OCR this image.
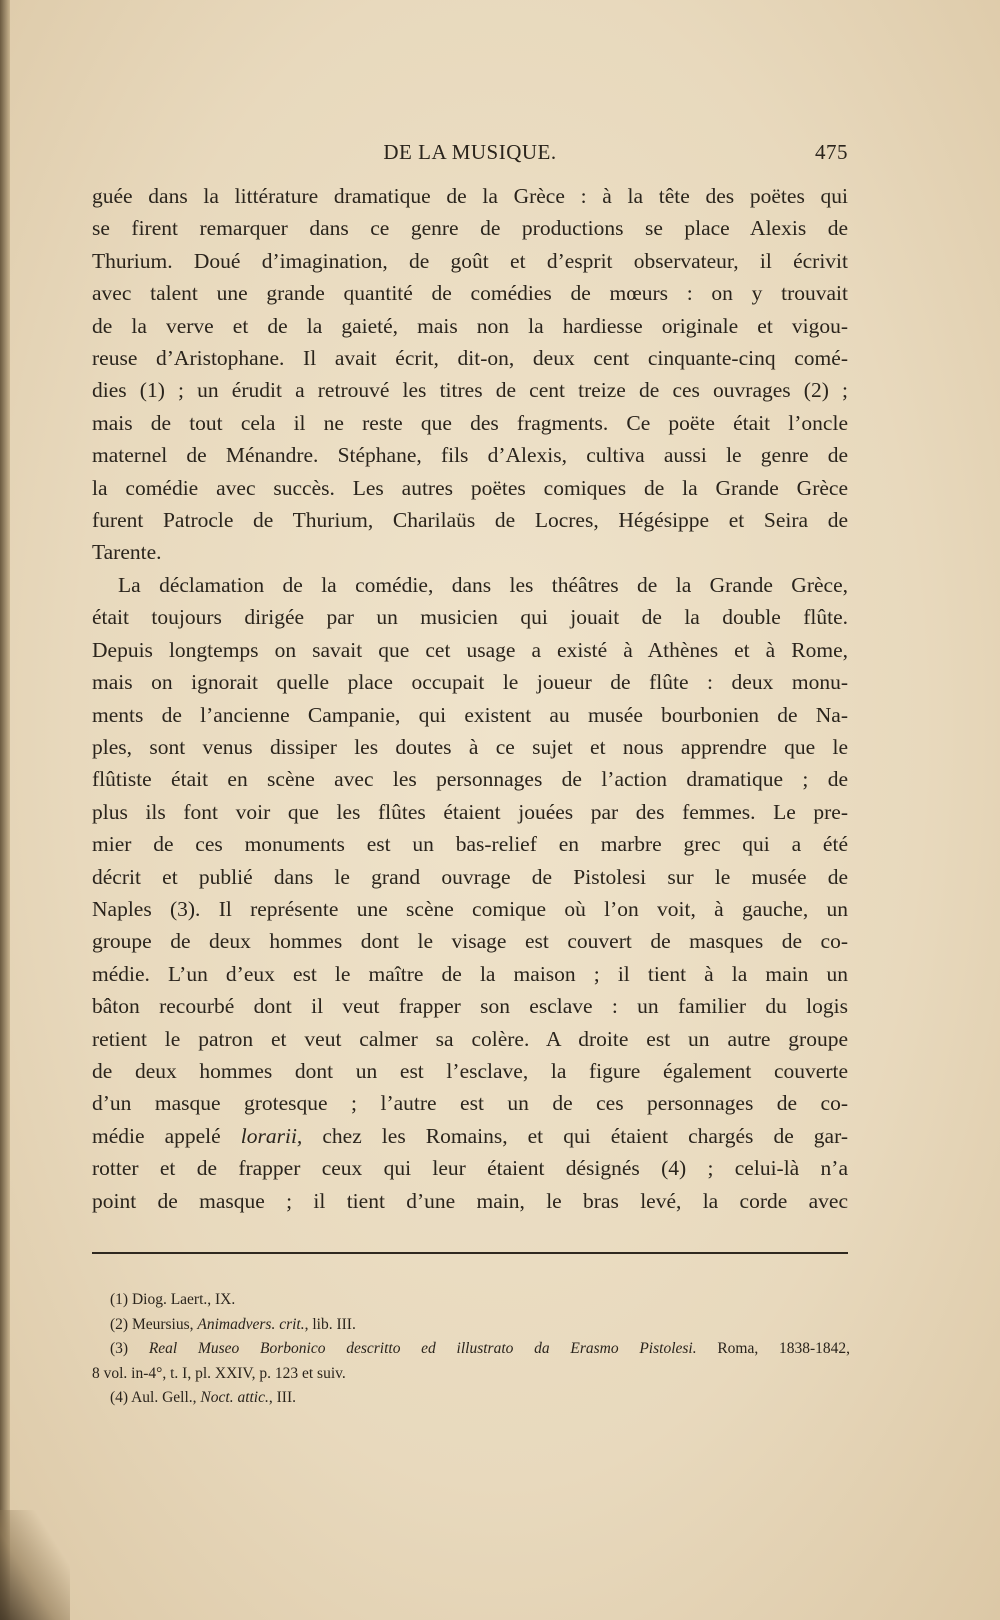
DE LA MUSIQUE.	475
guée dans la littérature dramatique de la Grèce : à la tête des poëtes qui
se firent remarquer dans ce genre de productions se place Alexis de
Thurium. Doué d’imagination, de goût et d’esprit observateur, il écrivit
avec talent une grande quantité de comédies de mœurs : on y trouvait
de la verve et de la gaieté, mais non la hardiesse originale et vigou-
reuse d’Aristophane. Il avait écrit, dit-on, deux cent cinquante-cinq comé-
dies (1) ; un érudit a retrouvé les titres de cent treize de ces ouvrages (2) ;
mais de tout cela il ne reste que des fragments. Ce poëte était l’oncle
maternel de Ménandre. Stéphane, fils d’Alexis, cultiva aussi le genre de
la comédie avec succès. Les autres poëtes comiques de la Grande Grèce
furent Patrocle de Thurium, Charilaüs de Locres, Hégésippe et Seira de
Tarente.
La déclamation de la comédie, dans les théâtres de la Grande Grèce,
était toujours dirigée par un musicien qui jouait de la double flûte.
Depuis longtemps on savait que cet usage a existé à Athènes et à Rome,
mais on ignorait quelle place occupait le joueur de flûte : deux monu-
ments de l’ancienne Campanie, qui existent au musée bourbonien de Na-
ples, sont venus dissiper les doutes à ce sujet et nous apprendre que le
flûtiste était en scène avec les personnages de l’action dramatique ; de
plus ils font voir que les flûtes étaient jouées par des femmes. Le pre-
mier de ces monuments est un bas-relief en marbre grec qui a été
décrit et publié dans le grand ouvrage de Pistolesi sur le musée de
Naples (3). Il représente une scène comique où l’on voit, à gauche, un
groupe de deux hommes dont le visage est couvert de masques de co-
médie. L’un d’eux est le maître de la maison ; il tient à la main un
bâton recourbé dont il veut frapper son esclave : un familier du logis
retient le patron et veut calmer sa colère. A droite est un autre groupe
de deux hommes dont un est l’esclave, la figure également couverte
d’un masque grotesque ; l’autre est un de ces personnages de co-
médie appelé lorarii, chez les Romains, et qui étaient chargés de gar-
rotter et de frapper ceux qui leur étaient désignés (4) ; celui-là n’a
point de masque ; il tient d’une main, le bras levé, la corde avec
(1) Diog. Laert., IX.
(2) Meursius, Animadvers. crit., lib. III.
(3) Real Museo Borbonico descritto ed illustrato da Erasmo Pistolesi. Roma, 1838-1842,
8 vol. in-4°, t. I, pl. XXIV, p. 123 et suiv.
(4) Aul. Gell., Noct. attic., III.
